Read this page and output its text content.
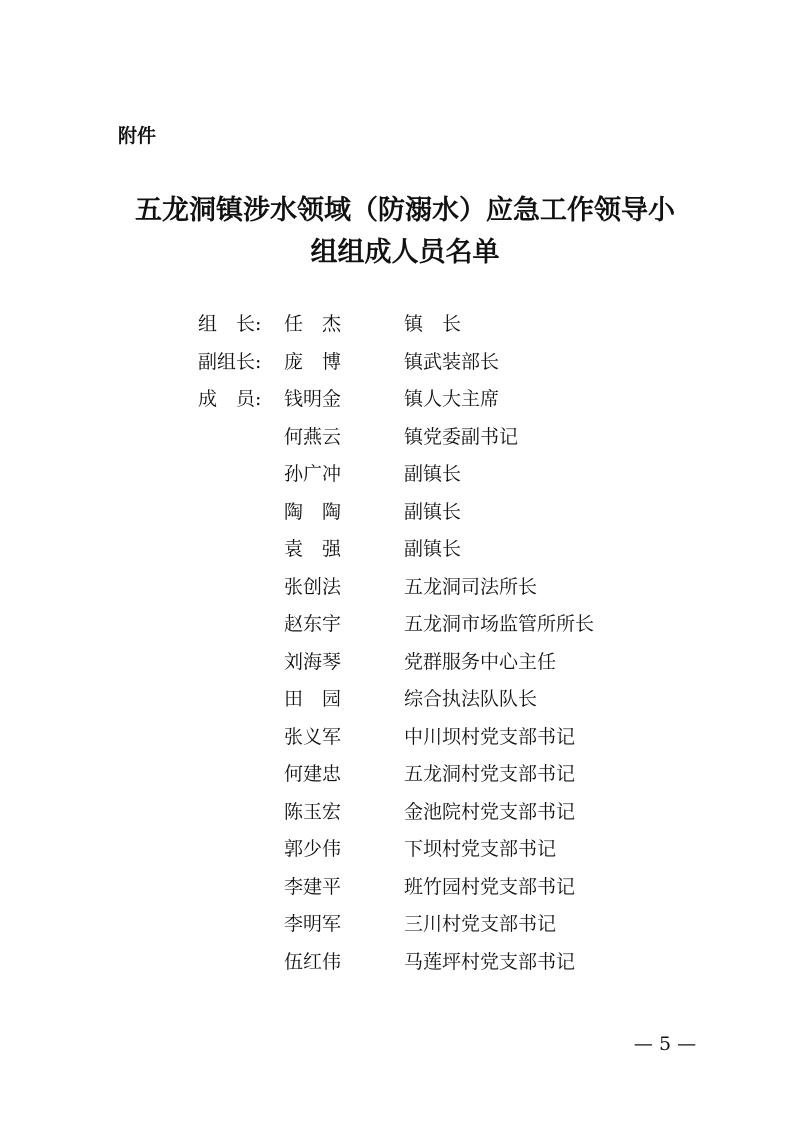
附件
五龙洞镇涉水领域（防溺水）应急工作领导小
组组成人员名单
组　长:	任　杰	镇　长
副组长:	庞　博	镇武装部长
成　员:	钱明金	镇人大主席
何燕云	镇党委副书记
孙广冲	副镇长
陶　陶	副镇长
袁　强	副镇长
张创法	五龙洞司法所长
赵东宇	五龙洞市场监管所所长
刘海琴	党群服务中心主任
田　园	综合执法队队长
张义军	中川坝村党支部书记
何建忠	五龙洞村党支部书记
陈玉宏	金池院村党支部书记
郭少伟	下坝村党支部书记
李建平	班竹园村党支部书记
李明军	三川村党支部书记
伍红伟	马莲坪村党支部书记
— 5 —
